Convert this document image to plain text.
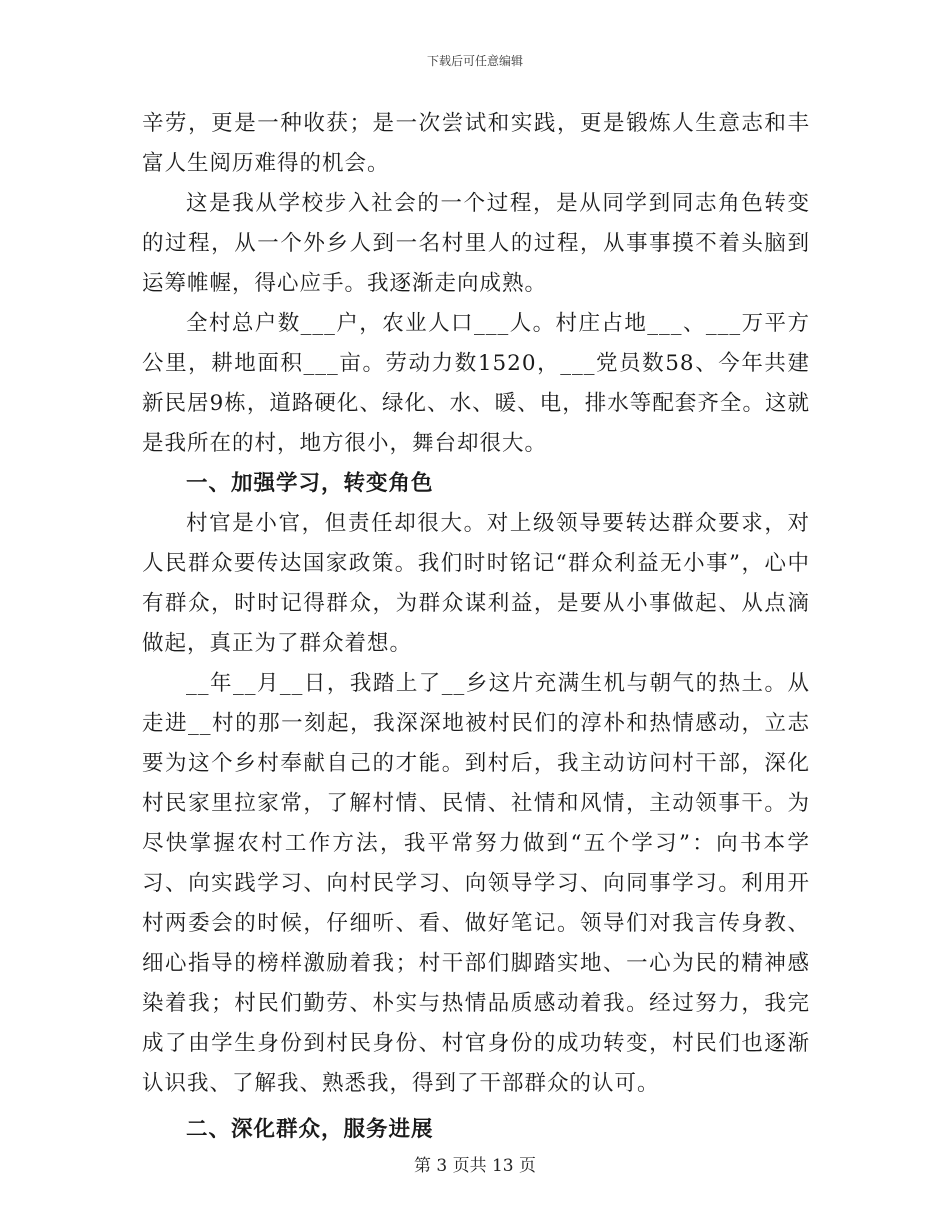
下载后可任意编辑

辛劳，更是一种收获；是一次尝试和实践，更是锻炼人生意志和丰富人生阅历难得的机会。

这是我从学校步入社会的一个过程，是从同学到同志角色转变的过程，从一个外乡人到一名村里人的过程，从事事摸不着头脑到运筹帷幄，得心应手。我逐渐走向成熟。

全村总户数___户，农业人口___人。村庄占地___、___万平方公里，耕地面积___亩。劳动力数1520，___党员数58、今年共建新民居9栋，道路硬化、绿化、水、暖、电，排水等配套齐全。这就是我所在的村，地方很小，舞台却很大。

一、加强学习，转变角色

村官是小官，但责任却很大。对上级领导要转达群众要求，对人民群众要传达国家政策。我们时时铭记“群众利益无小事”，心中有群众，时时记得群众，为群众谋利益，是要从小事做起、从点滴做起，真正为了群众着想。

__年__月__日，我踏上了__乡这片充满生机与朝气的热土。从走进__村的那一刻起，我深深地被村民们的淳朴和热情感动，立志要为这个乡村奉献自己的才能。到村后，我主动访问村干部，深化村民家里拉家常，了解村情、民情、社情和风情，主动领事干。为尽快掌握农村工作方法，我平常努力做到“五个学习”：向书本学习、向实践学习、向村民学习、向领导学习、向同事学习。利用开村两委会的时候，仔细听、看、做好笔记。领导们对我言传身教、细心指导的榜样激励着我；村干部们脚踏实地、一心为民的精神感染着我；村民们勤劳、朴实与热情品质感动着我。经过努力，我完成了由学生身份到村民身份、村官身份的成功转变，村民们也逐渐认识我、了解我、熟悉我，得到了干部群众的认可。

二、深化群众，服务进展

第 3 页共 13 页
